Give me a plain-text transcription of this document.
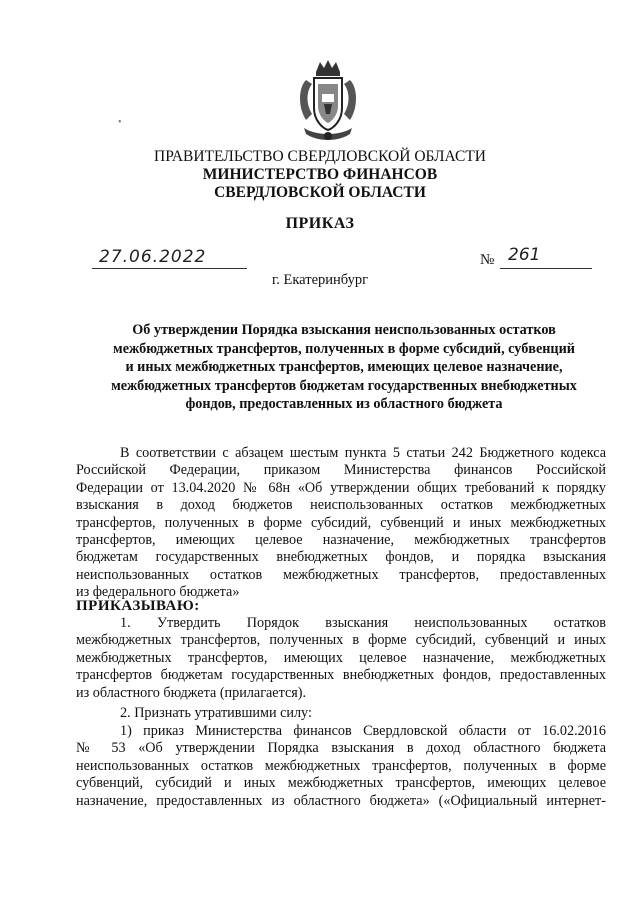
•
ПРАВИТЕЛЬСТВО СВЕРДЛОВСКОЙ ОБЛАСТИ
МИНИСТЕРСТВО ФИНАНСОВ
СВЕРДЛОВСКОЙ ОБЛАСТИ
ПРИКАЗ
27.06.2022	№ 261
г. Екатеринбург
Об утверждении Порядка взыскания неиспользованных остатков
межбюджетных трансфертов, полученных в форме субсидий, субвенций
и иных межбюджетных трансфертов, имеющих целевое назначение,
межбюджетных трансфертов бюджетам государственных внебюджетных
фондов, предоставленных из областного бюджета
В соответствии с абзацем шестым пункта 5 статьи 242 Бюджетного кодекса
Российской Федерации, приказом Министерства финансов Российской
Федерации от 13.04.2020 № 68н «Об утверждении общих требований к порядку
взыскания в доход бюджетов неиспользованных остатков межбюджетных
трансфертов, полученных в форме субсидий, субвенций и иных межбюджетных
трансфертов, имеющих целевое назначение, межбюджетных трансфертов
бюджетам государственных внебюджетных фондов, и порядка взыскания
неиспользованных остатков межбюджетных трансфертов, предоставленных
из федерального бюджета»
ПРИКАЗЫВАЮ:
1. Утвердить Порядок взыскания неиспользованных остатков
межбюджетных трансфертов, полученных в форме субсидий, субвенций и иных
межбюджетных трансфертов, имеющих целевое назначение, межбюджетных
трансфертов бюджетам государственных внебюджетных фондов, предоставленных
из областного бюджета (прилагается).
2. Признать утратившими силу:
1) приказ Министерства финансов Свердловской области от 16.02.2016
№ 53 «Об утверждении Порядка взыскания в доход областного бюджета
неиспользованных остатков межбюджетных трансфертов, полученных в форме
субвенций, субсидий и иных межбюджетных трансфертов, имеющих целевое
назначение, предоставленных из областного бюджета» («Официальный интернет-
